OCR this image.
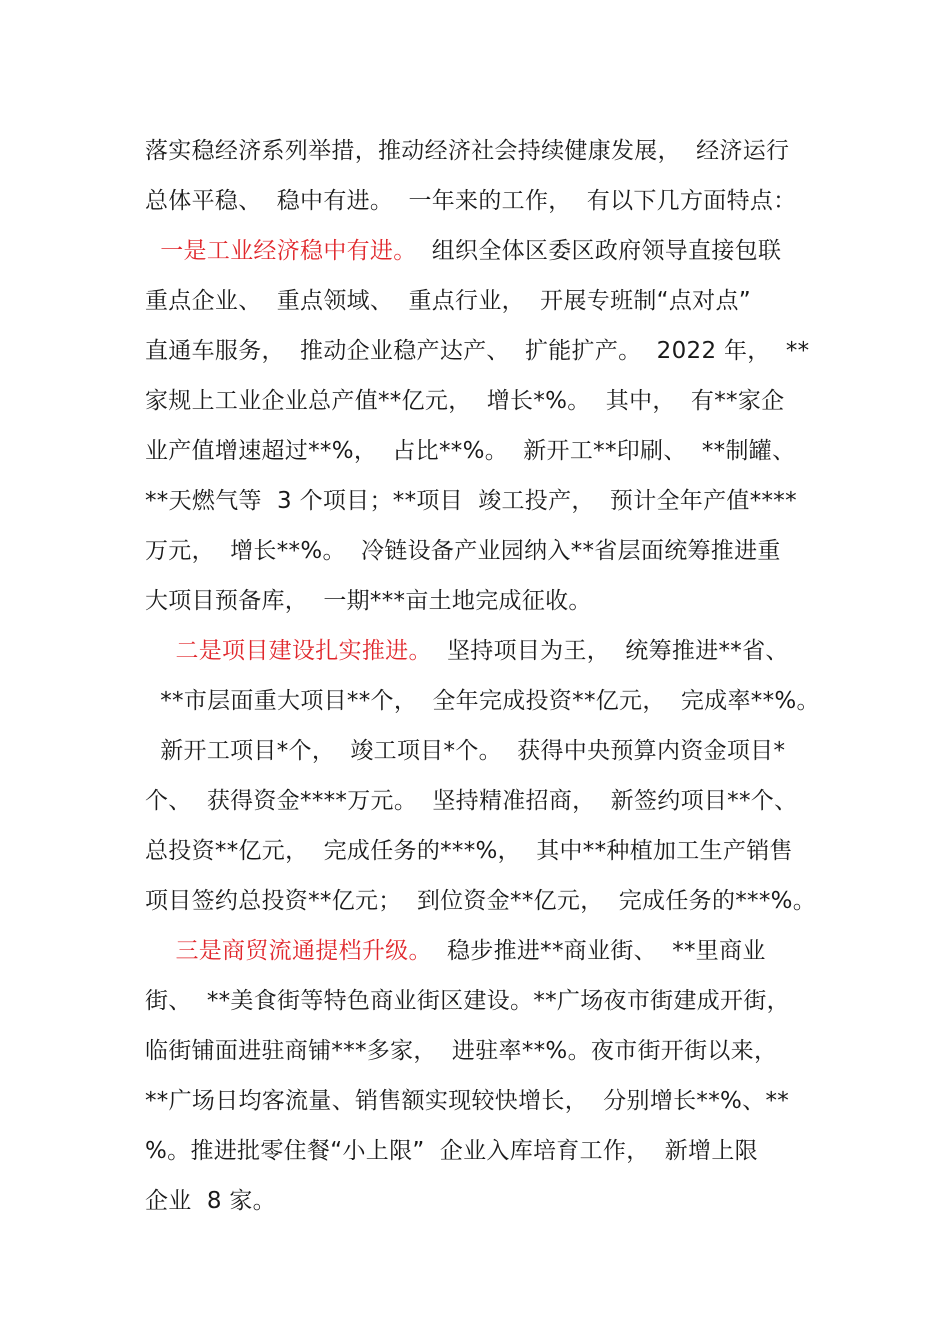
落实稳经济系列举措，推动经济社会持续健康发展，  经济运行
总体平稳、  稳中有进。  一年来的工作，  有以下几方面特点：
一是工业经济稳中有进。  组织全体区委区政府领导直接包联
重点企业、  重点领域、  重点行业，  开展专班制“点对点”
直通车服务，  推动企业稳产达产、  扩能扩产。  2022 年，  **
家规上工业企业总产值**亿元，  增长*%。  其中，  有**家企
业产值增速超过**%，  占比**%。  新开工**印刷、  **制罐、
**天燃气等  3 个项目；**项目  竣工投产，  预计全年产值****
万元，  增长**%。  冷链设备产业园纳入**省层面统筹推进重
大项目预备库，  一期***亩土地完成征收。
二是项目建设扎实推进。  坚持项目为王，  统筹推进**省、
**市层面重大项目**个，  全年完成投资**亿元，  完成率**%。
新开工项目*个，  竣工项目*个。  获得中央预算内资金项目*
个、  获得资金****万元。  坚持精准招商，  新签约项目**个、
总投资**亿元，  完成任务的***%，  其中**种植加工生产销售
项目签约总投资**亿元；  到位资金**亿元，  完成任务的***%。
三是商贸流通提档升级。  稳步推进**商业街、  **里商业
街、  **美食街等特色商业街区建设。**广场夜市街建成开街，
临街铺面进驻商铺***多家，  进驻率**%。夜市街开街以来，
**广场日均客流量、销售额实现较快增长，  分别增长**%、**
%。推进批零住餐“小上限”  企业入库培育工作，  新增上限
企业  8 家。
